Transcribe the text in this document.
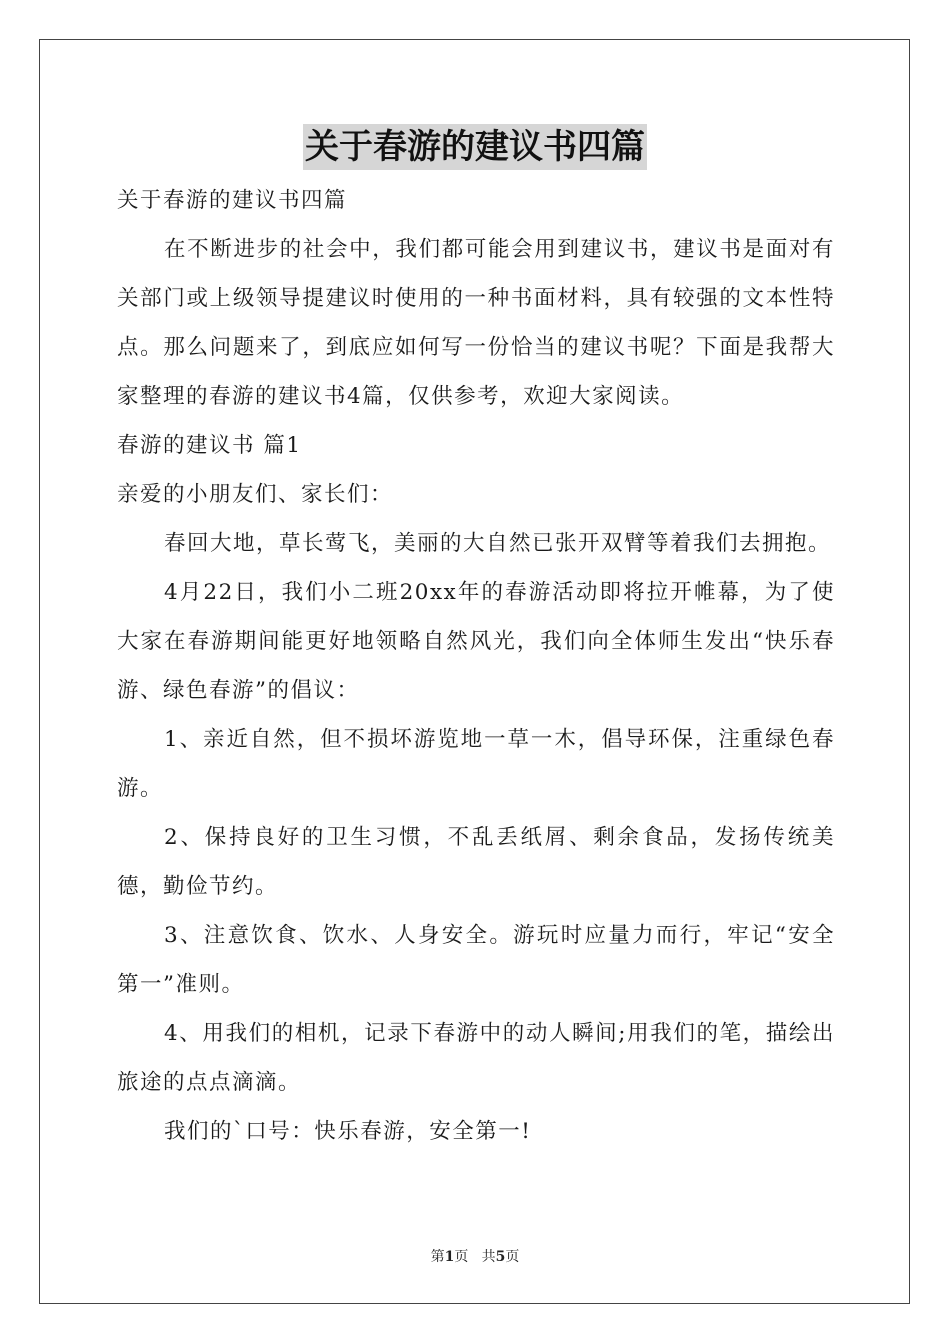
关于春游的建议书四篇

关于春游的建议书四篇

在不断进步的社会中，我们都可能会用到建议书，建议书是面对有关部门或上级领导提建议时使用的一种书面材料，具有较强的文本性特点。那么问题来了，到底应如何写一份恰当的建议书呢？下面是我帮大家整理的春游的建议书4篇，仅供参考，欢迎大家阅读。

春游的建议书 篇1

亲爱的小朋友们、家长们：

春回大地，草长莺飞，美丽的大自然已张开双臂等着我们去拥抱。

4月22日，我们小二班20xx年的春游活动即将拉开帷幕，为了使大家在春游期间能更好地领略自然风光，我们向全体师生发出“快乐春游、绿色春游”的倡议：

1、亲近自然，但不损坏游览地一草一木，倡导环保，注重绿色春游。

2、保持良好的卫生习惯，不乱丢纸屑、剩余食品，发扬传统美德，勤俭节约。

3、注意饮食、饮水、人身安全。游玩时应量力而行，牢记“安全第一”准则。

4、用我们的相机，记录下春游中的动人瞬间;用我们的笔，描绘出旅途的点点滴滴。

我们的`口号：快乐春游，安全第一!

第1页 共5页
